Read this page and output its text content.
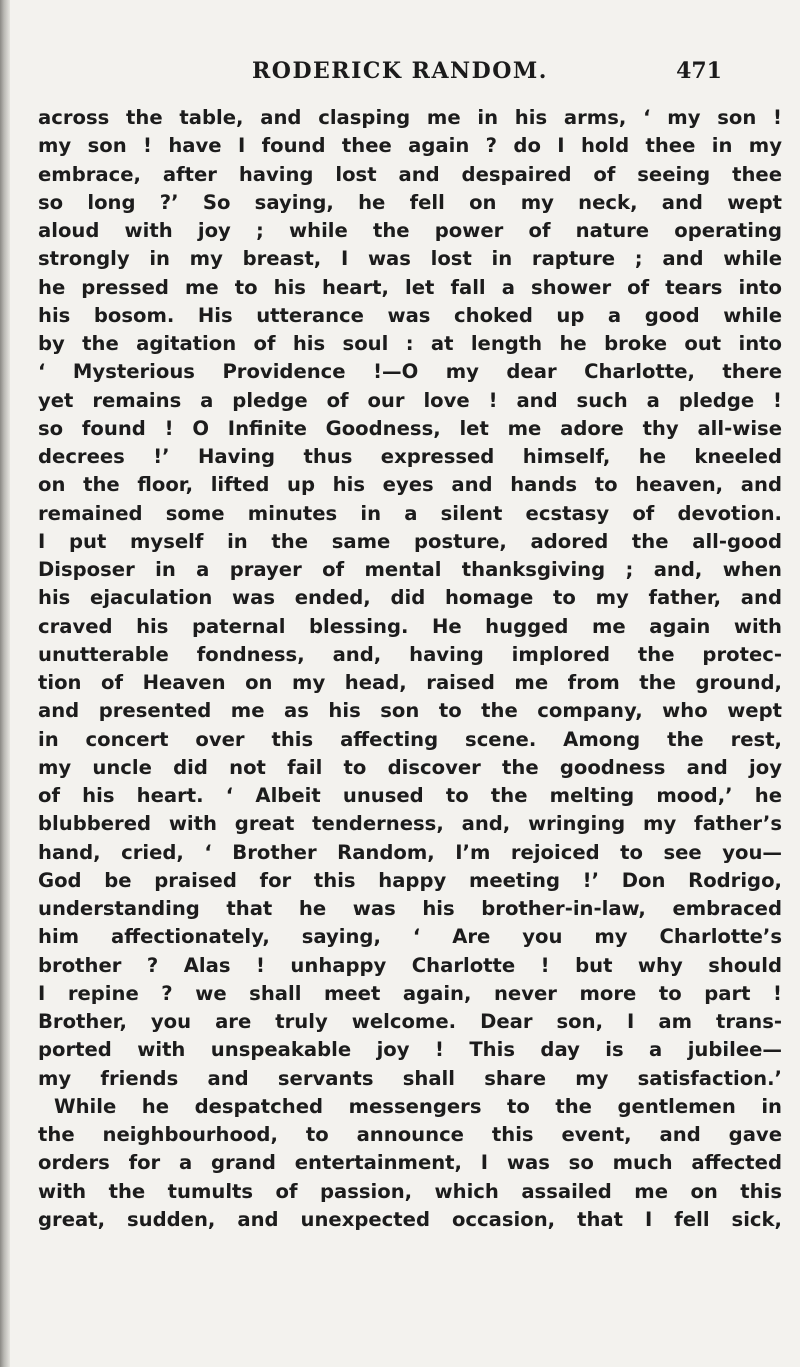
RODERICK RANDOM.	471
across the table, and clasping me in his arms, ‘ my son !
my son ! have I found thee again ? do I hold thee in my
embrace, after having lost and despaired of seeing thee
so long ?’ So saying, he fell on my neck, and wept
aloud with joy ; while the power of nature operating
strongly in my breast, I was lost in rapture ; and while
he pressed me to his heart, let fall a shower of tears into
his bosom. His utterance was choked up a good while
by the agitation of his soul : at length he broke out into
‘ Mysterious Providence !—O my dear Charlotte, there
yet remains a pledge of our love ! and such a pledge !
so found ! O Infinite Goodness, let me adore thy all-wise
decrees !’ Having thus expressed himself, he kneeled
on the floor, lifted up his eyes and hands to heaven, and
remained some minutes in a silent ecstasy of devotion.
I put myself in the same posture, adored the all-good
Disposer in a prayer of mental thanksgiving ; and, when
his ejaculation was ended, did homage to my father, and
craved his paternal blessing. He hugged me again with
unutterable fondness, and, having implored the protec-
tion of Heaven on my head, raised me from the ground,
and presented me as his son to the company, who wept
in concert over this affecting scene. Among the rest,
my uncle did not fail to discover the goodness and joy
of his heart. ‘ Albeit unused to the melting mood,’ he
blubbered with great tenderness, and, wringing my father’s
hand, cried, ‘ Brother Random, I’m rejoiced to see you—
God be praised for this happy meeting !’ Don Rodrigo,
understanding that he was his brother-in-law, embraced
him affectionately, saying, ‘ Are you my Charlotte’s
brother ? Alas ! unhappy Charlotte ! but why should
I repine ? we shall meet again, never more to part !
Brother, you are truly welcome. Dear son, I am trans-
ported with unspeakable joy ! This day is a jubilee—
my friends and servants shall share my satisfaction.’
While he despatched messengers to the gentlemen in
the neighbourhood, to announce this event, and gave
orders for a grand entertainment, I was so much affected
with the tumults of passion, which assailed me on this
great, sudden, and unexpected occasion, that I fell sick,
